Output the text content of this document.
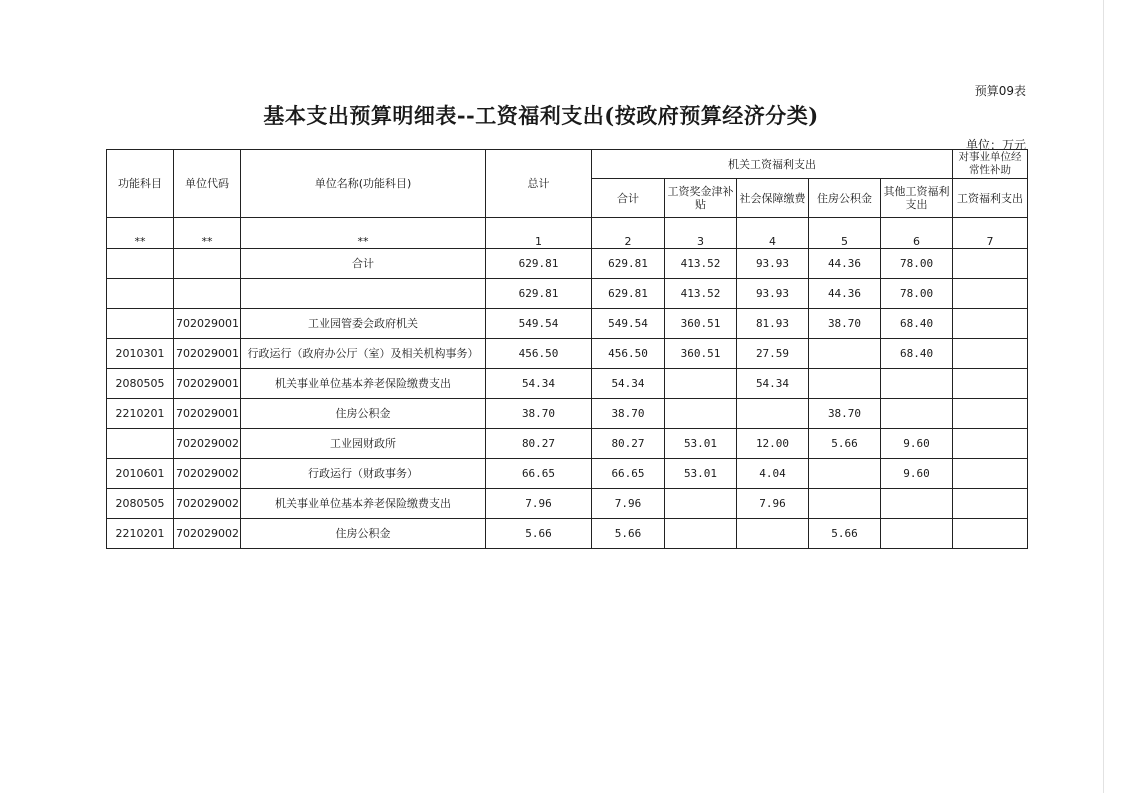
预算09表
基本支出预算明细表--工资福利支出(按政府预算经济分类)
单位：万元
功能科目	单位代码	单位名称(功能科目)	总计	机关工资福利支出					对事业单位经常性补助
				合计	工资奖金津补贴	社会保障缴费	住房公积金	其他工资福利支出	工资福利支出
**	**	**	1	2	3	4	5	6	7
		合计	629.81	629.81	413.52	93.93	44.36	78.00	
			629.81	629.81	413.52	93.93	44.36	78.00	
	702029001	工业园管委会政府机关	549.54	549.54	360.51	81.93	38.70	68.40	
2010301	702029001	行政运行（政府办公厅（室）及相关机构事务）	456.50	456.50	360.51	27.59		68.40	
2080505	702029001	机关事业单位基本养老保险缴费支出	54.34	54.34		54.34			
2210201	702029001	住房公积金	38.70	38.70			38.70		
	702029002	工业园财政所	80.27	80.27	53.01	12.00	5.66	9.60	
2010601	702029002	行政运行（财政事务）	66.65	66.65	53.01	4.04		9.60	
2080505	702029002	机关事业单位基本养老保险缴费支出	7.96	7.96		7.96			
2210201	702029002	住房公积金	5.66	5.66			5.66		
